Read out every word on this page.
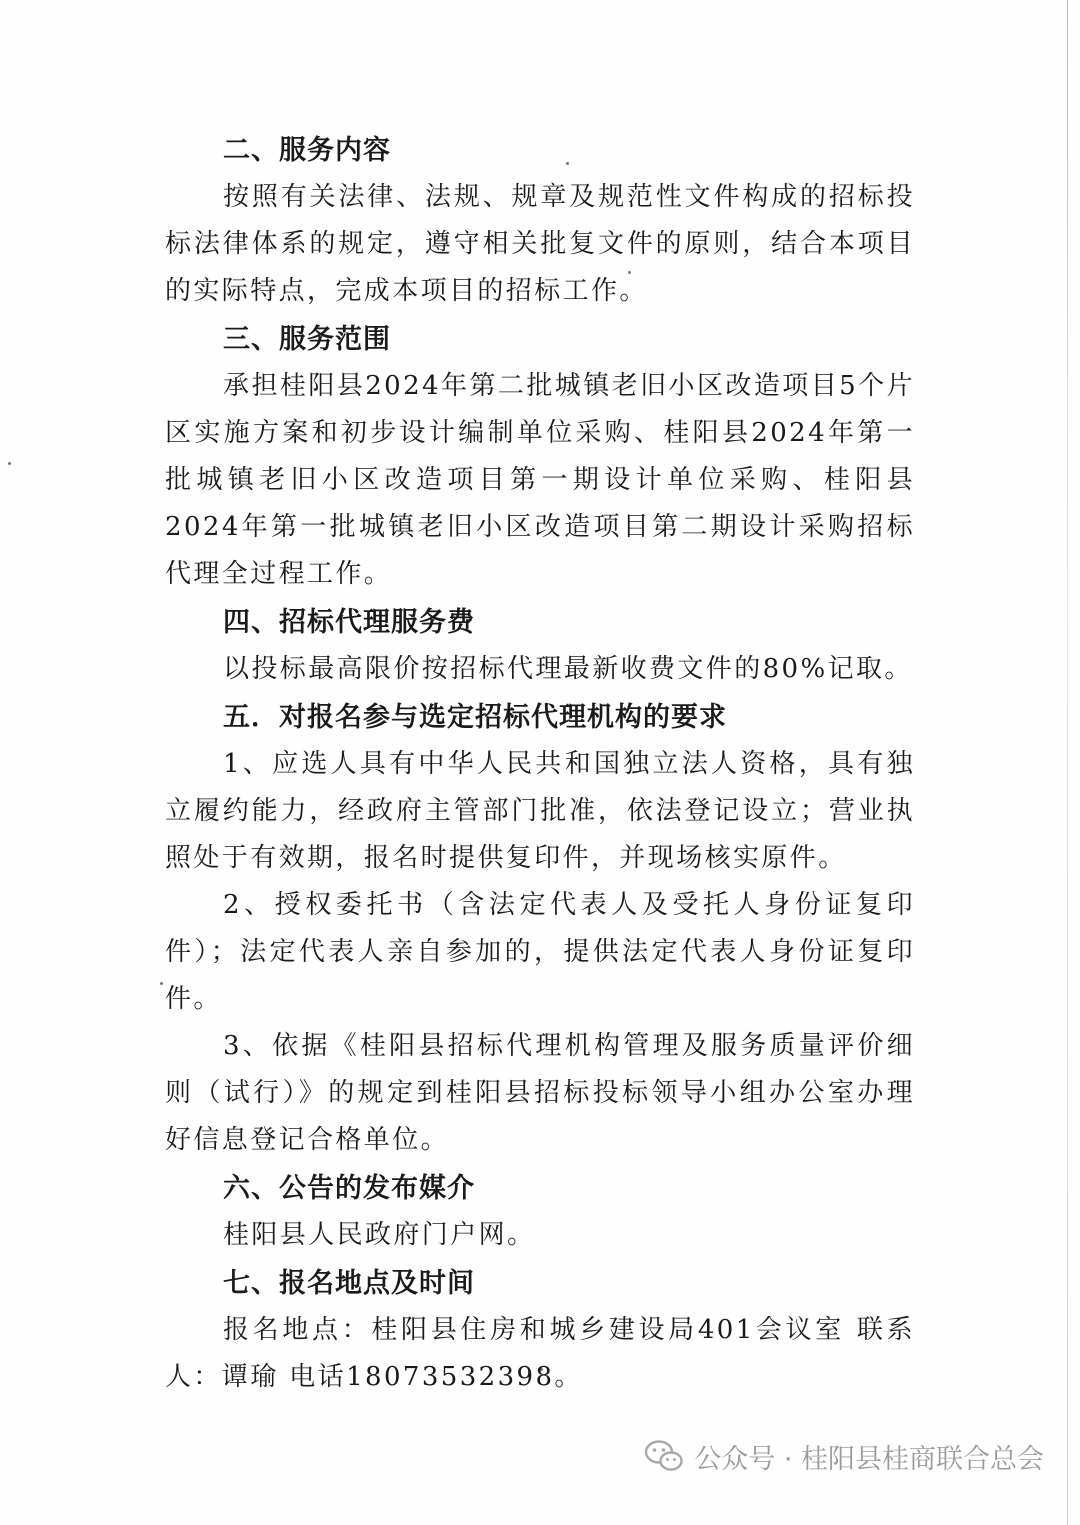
二、服务内容

按照有关法律、法规、规章及规范性文件构成的招标投标法律体系的规定，遵守相关批复文件的原则，结合本项目的实际特点，完成本项目的招标工作。

三、服务范围

承担桂阳县2024年第二批城镇老旧小区改造项目5个片区实施方案和初步设计编制单位采购、桂阳县2024年第一批城镇老旧小区改造项目第一期设计单位采购、桂阳县2024年第一批城镇老旧小区改造项目第二期设计采购招标代理全过程工作。

四、招标代理服务费

以投标最高限价按招标代理最新收费文件的80%记取。

五．对报名参与选定招标代理机构的要求

1、应选人具有中华人民共和国独立法人资格，具有独立履约能力，经政府主管部门批准，依法登记设立；营业执照处于有效期，报名时提供复印件，并现场核实原件。

2、授权委托书（含法定代表人及受托人身份证复印件）；法定代表人亲自参加的，提供法定代表人身份证复印件。

3、依据《桂阳县招标代理机构管理及服务质量评价细则（试行）》的规定到桂阳县招标投标领导小组办公室办理好信息登记合格单位。

六、公告的发布媒介

桂阳县人民政府门户网。

七、报名地点及时间

报名地点：桂阳县住房和城乡建设局401会议室 联系人：谭瑜 电话18073532398。

公众号 · 桂阳县桂商联合总会
